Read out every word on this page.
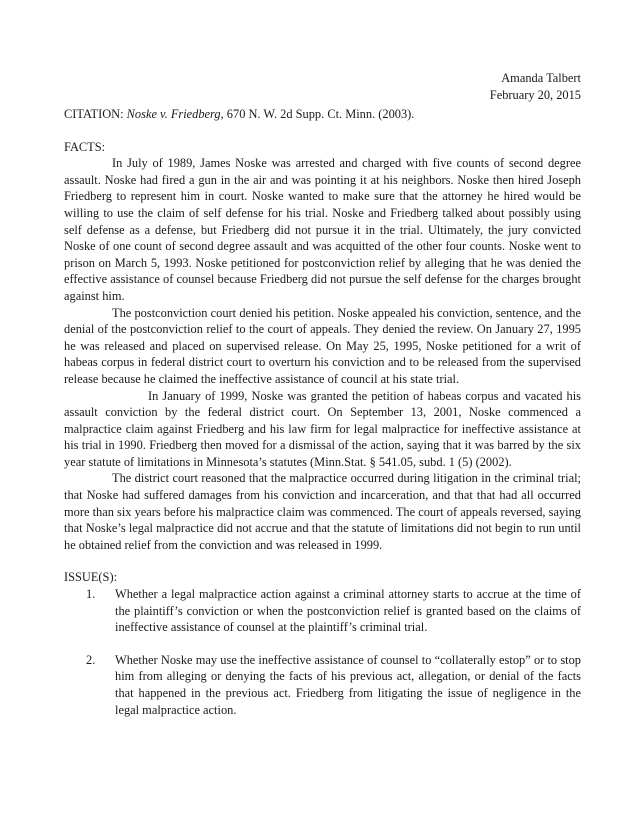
Amanda Talbert
February 20, 2015

CITATION: Noske v. Friedberg, 670 N. W. 2d Supp. Ct. Minn. (2003).

FACTS:

In July of 1989, James Noske was arrested and charged with five counts of second degree assault. Noske had fired a gun in the air and was pointing it at his neighbors. Noske then hired Joseph Friedberg to represent him in court. Noske wanted to make sure that the attorney he hired would be willing to use the claim of self defense for his trial. Noske and Friedberg talked about possibly using self defense as a defense, but Friedberg did not pursue it in the trial. Ultimately, the jury convicted Noske of one count of second degree assault and was acquitted of the other four counts. Noske went to prison on March 5, 1993. Noske petitioned for postconviction relief by alleging that he was denied the effective assistance of counsel because Friedberg did not pursue the self defense for the charges brought against him.

The postconviction court denied his petition. Noske appealed his conviction, sentence, and the denial of the postconviction relief to the court of appeals. They denied the review. On January 27, 1995 he was released and placed on supervised release. On May 25, 1995, Noske petitioned for a writ of habeas corpus in federal district court to overturn his conviction and to be released from the supervised release because he claimed the ineffective assistance of council at his state trial.

In January of 1999, Noske was granted the petition of habeas corpus and vacated his assault conviction by the federal district court. On September 13, 2001, Noske commenced a malpractice claim against Friedberg and his law firm for legal malpractice for ineffective assistance at his trial in 1990. Friedberg then moved for a dismissal of the action, saying that it was barred by the six year statute of limitations in Minnesota’s statutes (Minn.Stat. § 541.05, subd. 1 (5) (2002).

The district court reasoned that the malpractice occurred during litigation in the criminal trial; that Noske had suffered damages from his conviction and incarceration, and that that had all occurred more than six years before his malpractice claim was commenced. The court of appeals reversed, saying that Noske’s legal malpractice did not accrue and that the statute of limitations did not begin to run until he obtained relief from the conviction and was released in 1999.

ISSUE(S):
1. Whether a legal malpractice action against a criminal attorney starts to accrue at the time of the plaintiff’s conviction or when the postconviction relief is granted based on the claims of ineffective assistance of counsel at the plaintiff’s criminal trial.
2. Whether Noske may use the ineffective assistance of counsel to “collaterally estop” or to stop him from alleging or denying the facts of his previous act, allegation, or denial of the facts that happened in the previous act. Friedberg from litigating the issue of negligence in the legal malpractice action.
